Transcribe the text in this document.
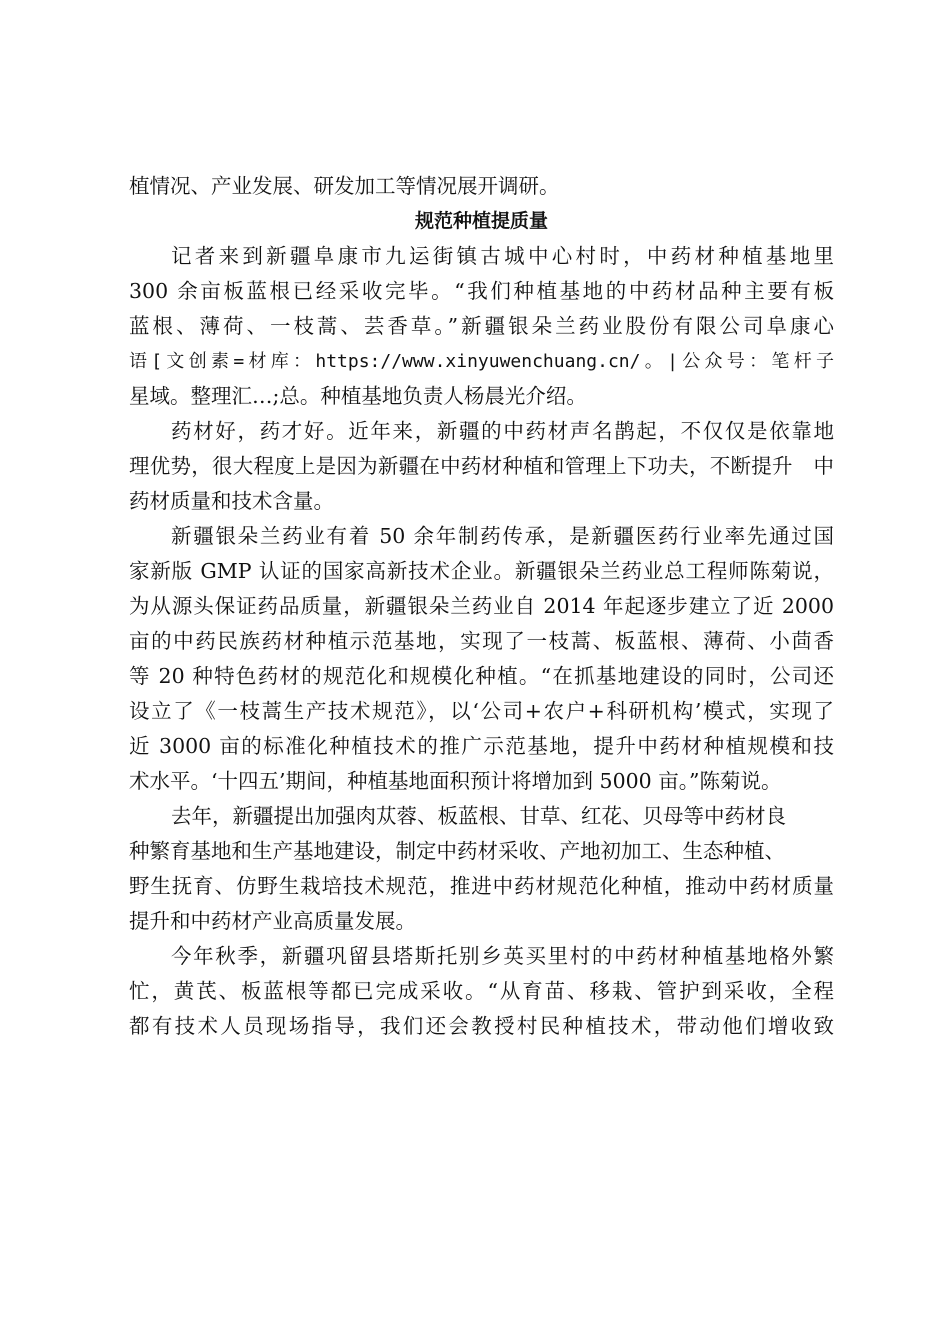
植情况、产业发展、研发加工等情况展开调研。
规范种植提质量
记者来到新疆阜康市九运街镇古城中心村时，中药材种植基地里
300 余亩板蓝根已经采收完毕。“我们种植基地的中药材品种主要有板
蓝根、薄荷、一枝蒿、芸香草。”新疆银朵兰药业股份有限公司阜康心
语[文创素=材库：https://www.xinyuwenchuang.cn/。|公众号：笔杆子
星域。整理汇…;总。种植基地负责人杨晨光介绍。
药材好，药才好。近年来，新疆的中药材声名鹊起，不仅仅是依靠地
理优势，很大程度上是因为新疆在中药材种植和管理上下功夫，不断提升　中
药材质量和技术含量。
新疆银朵兰药业有着 50 余年制药传承，是新疆医药行业率先通过国
家新版 GMP 认证的国家高新技术企业。新疆银朵兰药业总工程师陈菊说，
为从源头保证药品质量，新疆银朵兰药业自 2014 年起逐步建立了近 2000
亩的中药民族药材种植示范基地，实现了一枝蒿、板蓝根、薄荷、小茴香
等 20 种特色药材的规范化和规模化种植。“在抓基地建设的同时，公司还
设立了《一枝蒿生产技术规范》，以‘公司+农户+科研机构’模式，实现了
近 3000 亩的标准化种植技术的推广示范基地，提升中药材种植规模和技
术水平。‘十四五’期间，种植基地面积预计将增加到 5000 亩。”陈菊说。
去年，新疆提出加强肉苁蓉、板蓝根、甘草、红花、贝母等中药材良
种繁育基地和生产基地建设，制定中药材采收、产地初加工、生态种植、
野生抚育、仿野生栽培技术规范，推进中药材规范化种植，推动中药材质量
提升和中药材产业高质量发展。
今年秋季，新疆巩留县塔斯托别乡英买里村的中药材种植基地格外繁
忙，黄芪、板蓝根等都已完成采收。“从育苗、移栽、管护到采收，全程
都有技术人员现场指导，我们还会教授村民种植技术，带动他们增收致
